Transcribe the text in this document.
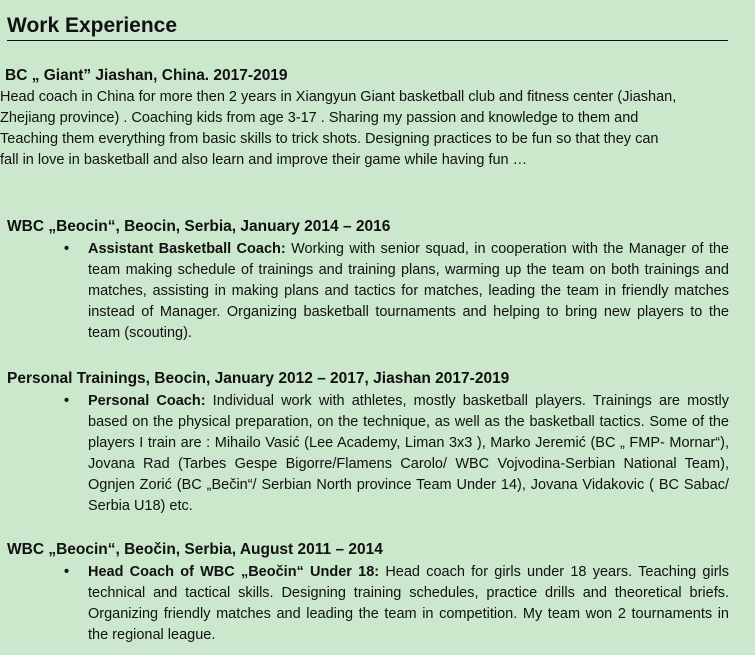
Work Experience
BC „ Giant” Jiashan, China. 2017-2019
Head coach in China for more then 2 years in Xiangyun Giant basketball club and fitness center (Jiashan,
Zhejiang province) . Coaching kids from age 3-17 . Sharing my passion and knowledge to them and
Teaching them everything from basic skills to trick shots. Designing practices to be fun so that they can
fall in love in basketball and also learn and improve their game while having fun …
WBC „Beocin“, Beocin, Serbia, January 2014 – 2016
• Assistant Basketball Coach: Working with senior squad, in cooperation with the Manager of the team making schedule of trainings and training plans, warming up the team on both trainings and matches, assisting in making plans and tactics for matches, leading the team in friendly matches instead of Manager. Organizing basketball tournaments and helping to bring new players to the team (scouting).
Personal Trainings, Beocin, January 2012 – 2017, Jiashan 2017-2019
• Personal Coach: Individual work with athletes, mostly basketball players. Trainings are mostly based on the physical preparation, on the technique, as well as the basketball tactics. Some of the players I train are : Mihailo Vasić (Lee Academy, Liman 3x3 ), Marko Jeremić (BC „ FMP- Mornar“), Jovana Rad (Tarbes Gespe Bigorre/Flamens Carolo/ WBC Vojvodina-Serbian National Team), Ognjen Zorić (BC „Bečin“/ Serbian North province Team Under 14), Jovana Vidakovic ( BC Sabac/ Serbia U18) etc.
WBC „Beocin“, Beočin, Serbia, August 2011 – 2014
• Head Coach of WBC „Beočin“ Under 18: Head coach for girls under 18 years. Teaching girls technical and tactical skills. Designing training schedules, practice drills and theoretical briefs. Organizing friendly matches and leading the team in competition. My team won 2 tournaments in the regional league.
